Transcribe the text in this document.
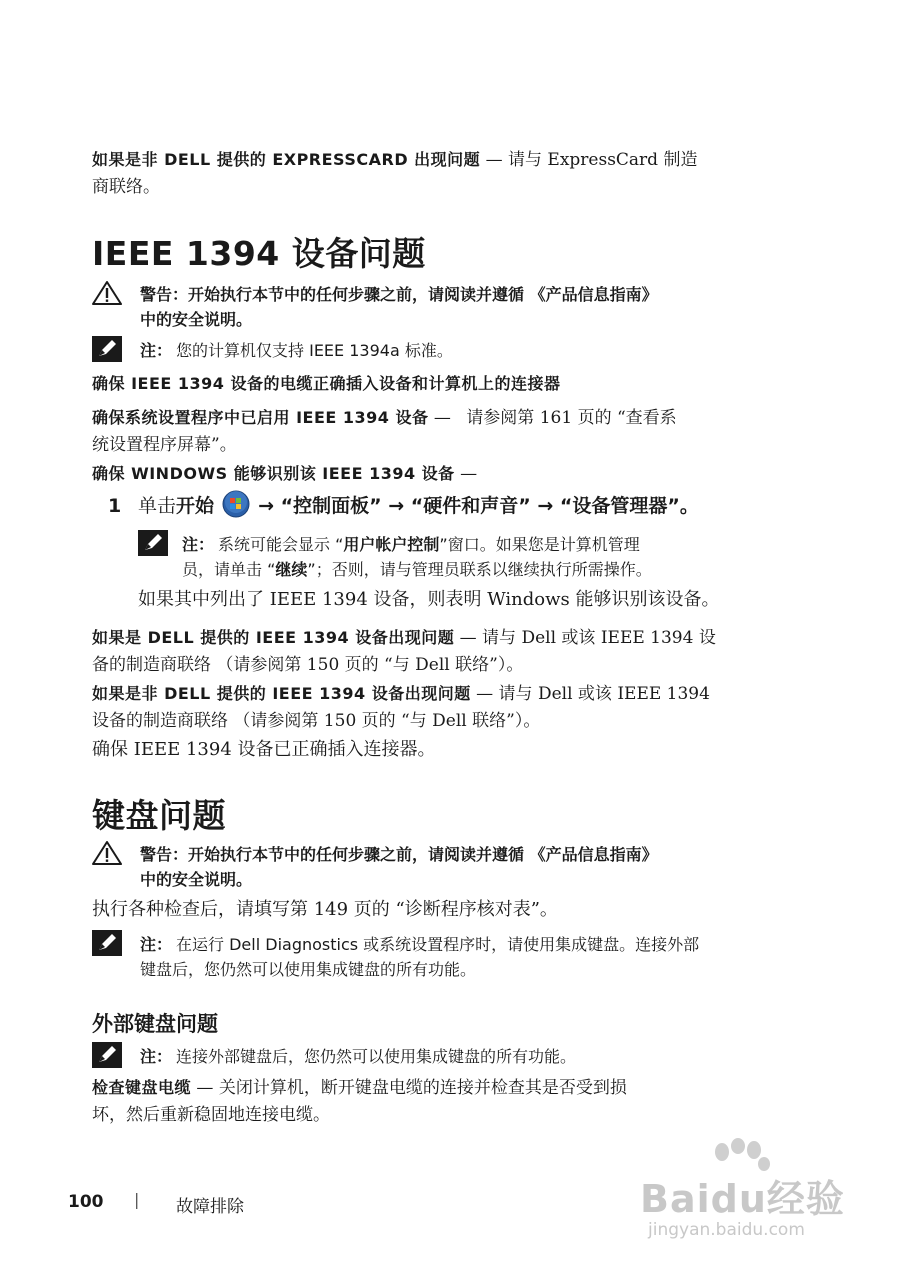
如果是非 DELL 提供的 EXPRESSCARD 出现问题 — 请与 ExpressCard 制造
商联络。
IEEE 1394 设备问题
警告：开始执行本节中的任何步骤之前，请阅读并遵循 《产品信息指南》
中的安全说明。
注： 您的计算机仅支持 IEEE 1394a 标准。
确保 IEEE 1394 设备的电缆正确插入设备和计算机上的连接器
确保系统设置程序中已启用 IEEE 1394 设备 — 请参阅第 161 页的 “查看系
统设置程序屏幕”。
确保 WINDOWS 能够识别该 IEEE 1394 设备 —
1 单击开始 → “控制面板” → “硬件和声音” → “设备管理器”。
注： 系统可能会显示 “用户帐户控制”窗口。如果您是计算机管理
员，请单击 “继续”；否则，请与管理员联系以继续执行所需操作。
如果其中列出了 IEEE 1394 设备，则表明 Windows 能够识别该设备。
如果是 DELL 提供的 IEEE 1394 设备出现问题 — 请与 Dell 或该 IEEE 1394 设
备的制造商联络 （请参阅第 150 页的 “与 Dell 联络”）。
如果是非 DELL 提供的 IEEE 1394 设备出现问题 — 请与 Dell 或该 IEEE 1394
设备的制造商联络 （请参阅第 150 页的 “与 Dell 联络”）。
确保 IEEE 1394 设备已正确插入连接器。
键盘问题
警告：开始执行本节中的任何步骤之前，请阅读并遵循 《产品信息指南》
中的安全说明。
执行各种检查后，请填写第 149 页的 “诊断程序核对表”。
注： 在运行 Dell Diagnostics 或系统设置程序时，请使用集成键盘。连接外部
键盘后，您仍然可以使用集成键盘的所有功能。
外部键盘问题
注： 连接外部键盘后，您仍然可以使用集成键盘的所有功能。
检查键盘电缆 — 关闭计算机，断开键盘电缆的连接并检查其是否受到损
坏，然后重新稳固地连接电缆。
100 | 故障排除	Baidu经验
jingyan.baidu.com
